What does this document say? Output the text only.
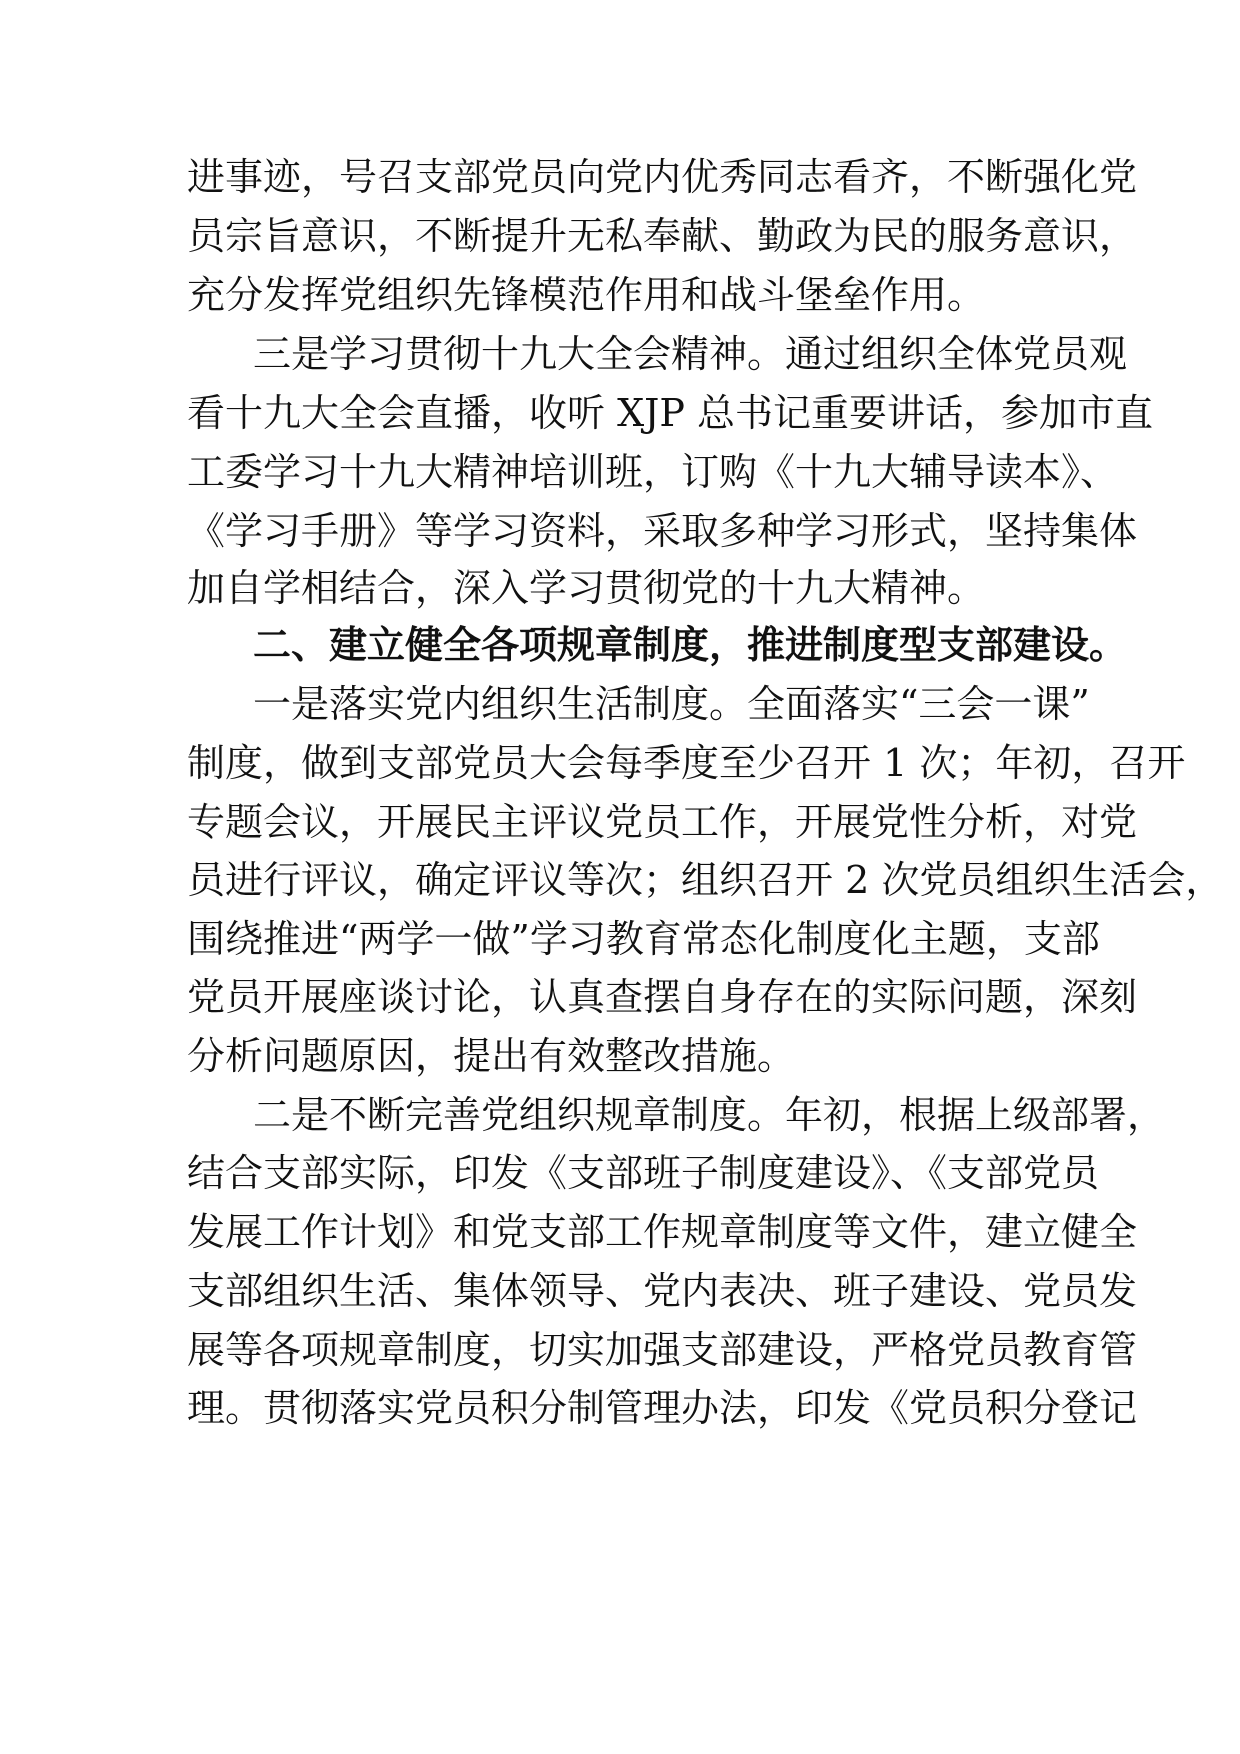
进事迹，号召支部党员向党内优秀同志看齐，不断强化党
员宗旨意识，不断提升无私奉献、勤政为民的服务意识，
充分发挥党组织先锋模范作用和战斗堡垒作用。
三是学习贯彻十九大全会精神。通过组织全体党员观
看十九大全会直播，收听 XJP 总书记重要讲话，参加市直
工委学习十九大精神培训班，订购《十九大辅导读本》、
《学习手册》等学习资料，采取多种学习形式，坚持集体
加自学相结合，深入学习贯彻党的十九大精神。
二、建立健全各项规章制度，推进制度型支部建设。
一是落实党内组织生活制度。全面落实“三会一课”
制度，做到支部党员大会每季度至少召开 1 次；年初，召开
专题会议，开展民主评议党员工作，开展党性分析，对党
员进行评议，确定评议等次；组织召开 2 次党员组织生活会，
围绕推进“两学一做”学习教育常态化制度化主题，支部
党员开展座谈讨论，认真查摆自身存在的实际问题，深刻
分析问题原因，提出有效整改措施。
二是不断完善党组织规章制度。年初，根据上级部署，
结合支部实际，印发《支部班子制度建设》、《支部党员
发展工作计划》和党支部工作规章制度等文件，建立健全
支部组织生活、集体领导、党内表决、班子建设、党员发
展等各项规章制度，切实加强支部建设，严格党员教育管
理。贯彻落实党员积分制管理办法，印发《党员积分登记
